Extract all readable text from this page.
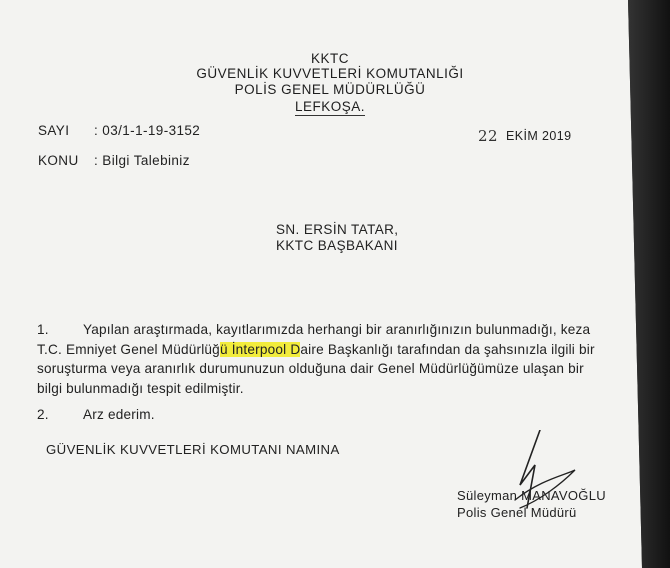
KKTC
GÜVENLİK KUVVETLERİ KOMUTANLIĞI
POLİS GENEL MÜDÜRLÜĞÜ
LEFKOŞA.
SAYI : 03/1-1-19-3152
KONU : Bilgi Talebiniz
22 EKİM 2019
SN. ERSİN TATAR,
KKTC BAŞBAKANI
1.	Yapılan araştırmada, kayıtlarımızda herhangi bir aranırlığınızın bulunmadığı, keza
T.C. Emniyet Genel Müdürlüğü İnterpool Daire Başkanlığı tarafından da şahsınızla ilgili bir
soruşturma veya aranırlık durumunuzun olduğuna dair Genel Müdürlüğümüze ulaşan bir
bilgi bulunmadığı tespit edilmiştir.
2.	Arz ederim.
GÜVENLİK KUVVETLERİ KOMUTANI NAMINA
Süleyman MANAVOĞLU
Polis Genel Müdürü
